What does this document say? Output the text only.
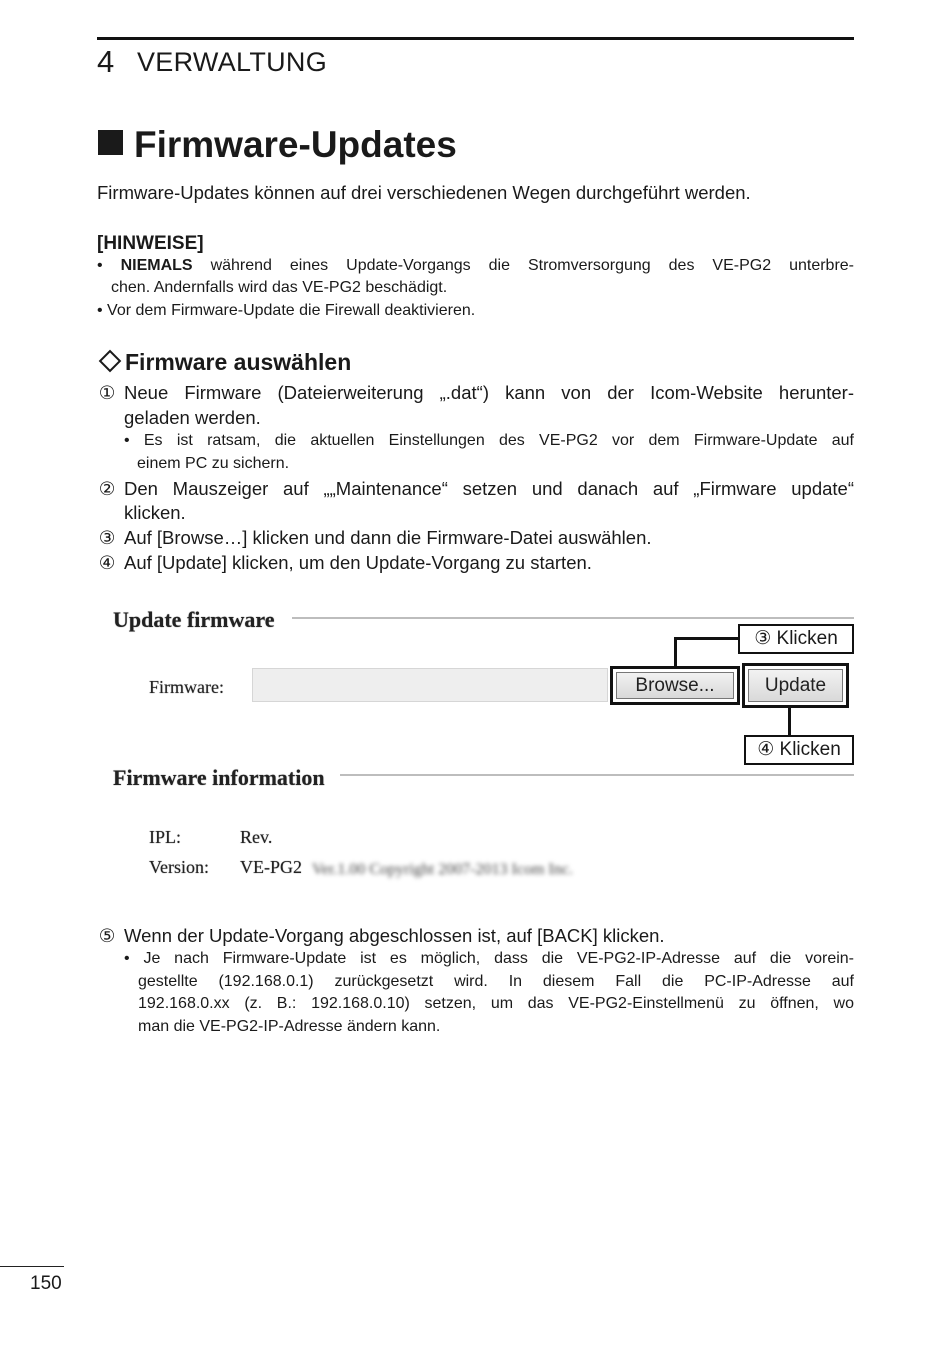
4 VERWALTUNG
Firmware-Updates
Firmware-Updates können auf drei verschiedenen Wegen durchgeführt werden.
[HINWEISE]
• NIEMALS während eines Update-Vorgangs die Stromversorgung des VE-PG2 unterbre-
chen. Andernfalls wird das VE-PG2 beschädigt.
• Vor dem Firmware-Update die Firewall deaktivieren.
Firmware auswählen
① Neue Firmware (Dateierweiterung „.dat“) kann von der Icom-Website herunter-
geladen werden.
• Es ist ratsam, die aktuellen Einstellungen des VE-PG2 vor dem Firmware-Update auf
einem PC zu sichern.
② Den Mauszeiger auf „„Maintenance“ setzen und danach auf „Firmware update“
klicken.
③ Auf [Browse…] klicken und dann die Firmware-Datei auswählen.
④ Auf [Update] klicken, um den Update-Vorgang zu starten.
Update firmware
Firmware:	Browse...	Update
③ Klicken
④ Klicken
Firmware information
IPL:	Rev.
Version: VE-PG2 Ver.1.00 Copyright 2007-2013 Icom Inc.
⑤ Wenn der Update-Vorgang abgeschlossen ist, auf [BACK] klicken.
• Je nach Firmware-Update ist es möglich, dass die VE-PG2-IP-Adresse auf die vorein-
gestellte (192.168.0.1) zurückgesetzt wird. In diesem Fall die PC-IP-Adresse auf
192.168.0.xx (z. B.: 192.168.0.10) setzen, um das VE-PG2-Einstellmenü zu öffnen, wo
man die VE-PG2-IP-Adresse ändern kann.
150
